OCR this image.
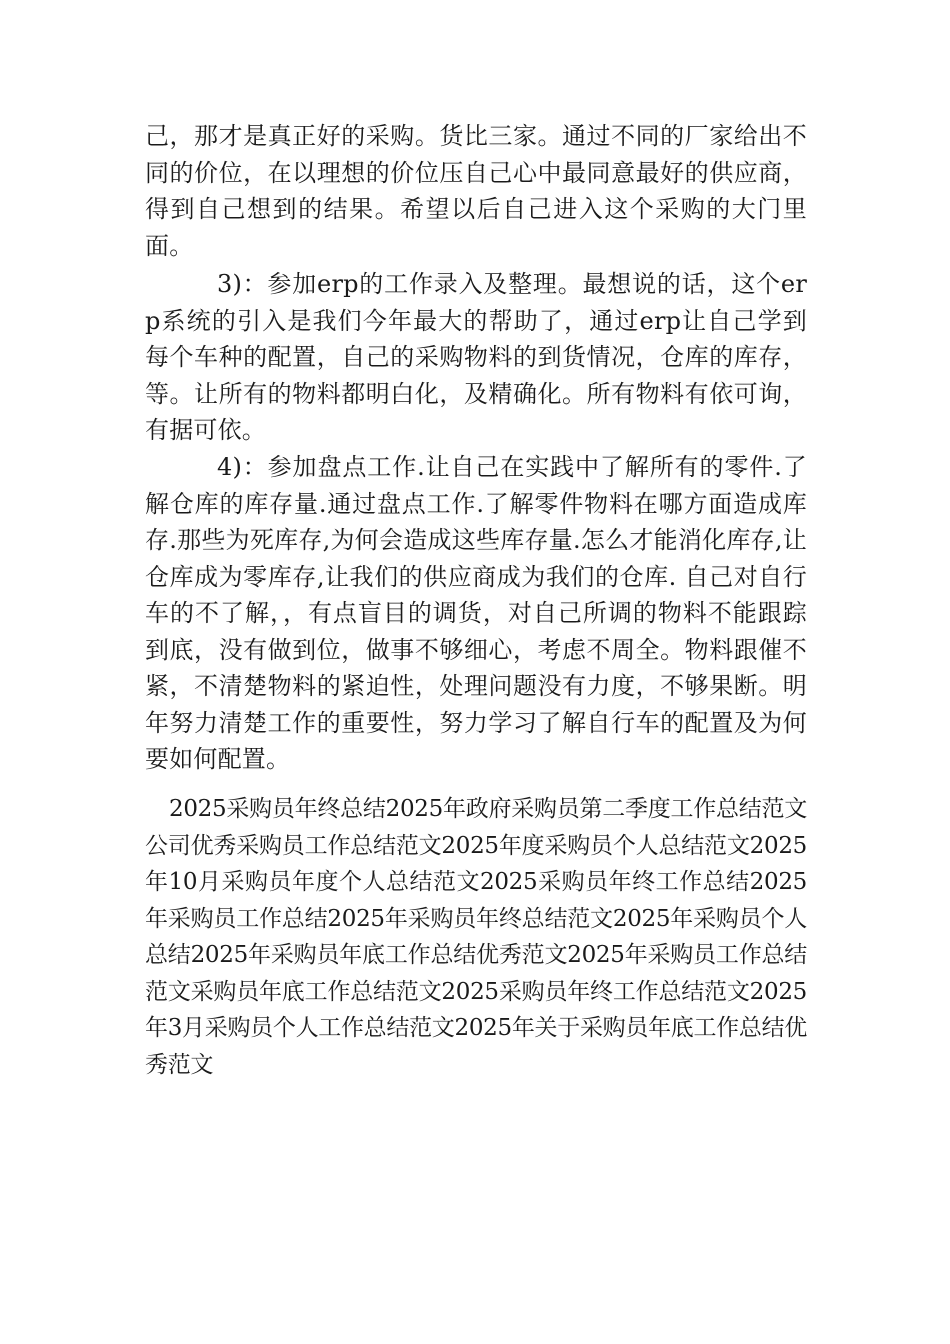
己，那才是真正好的采购。货比三家。通过不同的厂家给出不同的价位，在以理想的价位压自己心中最同意最好的供应商，得到自己想到的结果。希望以后自己进入这个采购的大门里面。

3)：参加erp的工作录入及整理。最想说的话，这个erp系统的引入是我们今年最大的帮助了，通过erp让自己学到每个车种的配置，自己的采购物料的到货情况，仓库的库存，等。让所有的物料都明白化，及精确化。所有物料有依可询，有据可依。

4)：参加盘点工作.让自己在实践中了解所有的零件.了解仓库的库存量.通过盘点工作.了解零件物料在哪方面造成库存.那些为死库存,为何会造成这些库存量.怎么才能消化库存,让仓库成为零库存,让我们的供应商成为我们的仓库. 自己对自行车的不了解，，有点盲目的调货，对自己所调的物料不能跟踪到底，没有做到位，做事不够细心，考虑不周全。物料跟催不紧，不清楚物料的紧迫性，处理问题没有力度，不够果断。明年努力清楚工作的重要性，努力学习了解自行车的配置及为何要如何配置。

2025采购员年终总结2025年政府采购员第二季度工作总结范文公司优秀采购员工作总结范文2025年度采购员个人总结范文2025年10月采购员年度个人总结范文2025采购员年终工作总结2025年采购员工作总结2025年采购员年终总结范文2025年采购员个人总结2025年采购员年底工作总结优秀范文2025年采购员工作总结范文采购员年底工作总结范文2025采购员年终工作总结范文2025年3月采购员个人工作总结范文2025年关于采购员年底工作总结优秀范文
